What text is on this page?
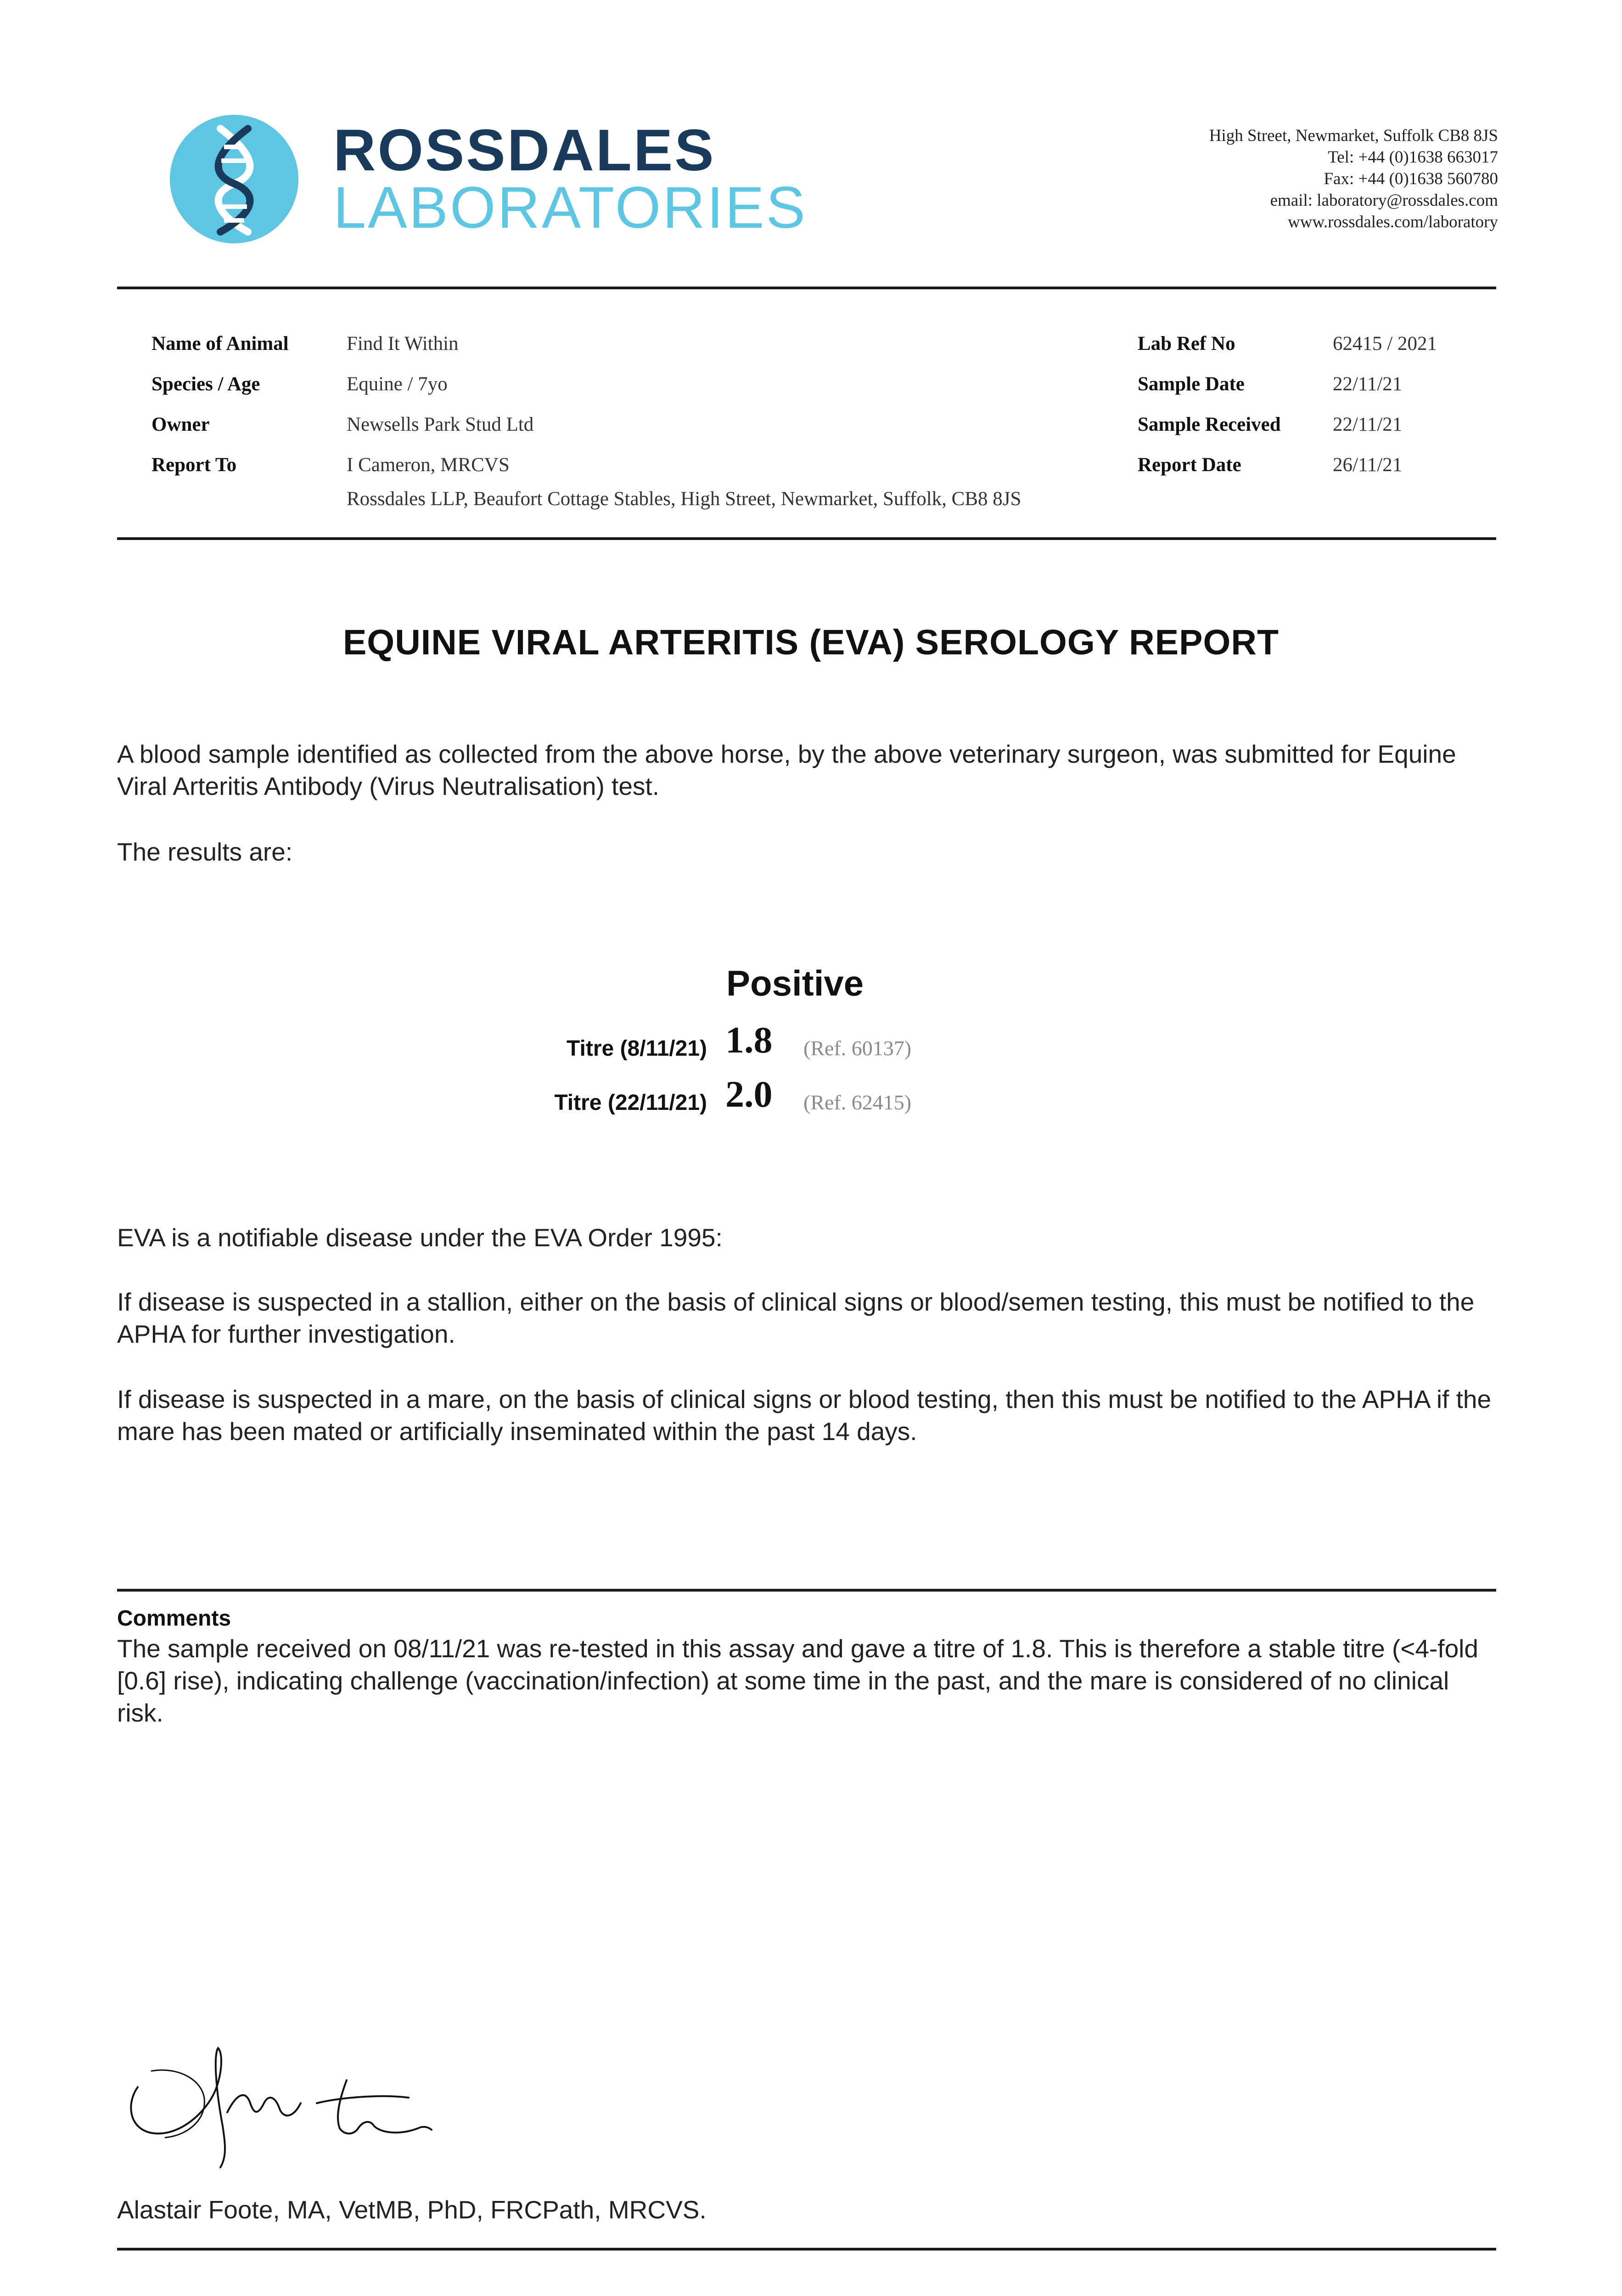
ROSSDALES
LABORATORIES
High Street, Newmarket, Suffolk CB8 8JS
Tel: +44 (0)1638 663017
Fax: +44 (0)1638 560780
email: laboratory@rossdales.com
www.rossdales.com/laboratory
Name of Animal
Species / Age
Owner
Report To
Find It Within
Equine / 7yo
Newsells Park Stud Ltd
I Cameron, MRCVS
Rossdales LLP, Beaufort Cottage Stables, High Street, Newmarket, Suffolk, CB8 8JS
Lab Ref No
Sample Date
Sample Received
Report Date
62415 / 2021
22/11/21
22/11/21
26/11/21
EQUINE VIRAL ARTERITIS (EVA) SEROLOGY REPORT
A blood sample identified as collected from the above horse, by the above veterinary surgeon, was submitted for Equine Viral Arteritis Antibody (Virus Neutralisation) test.
The results are:
Positive
Titre (8/11/21) 1.8 (Ref. 60137)
Titre (22/11/21) 2.0 (Ref. 62415)
EVA is a notifiable disease under the EVA Order 1995:
If disease is suspected in a stallion, either on the basis of clinical signs or blood/semen testing, this must be notified to the APHA for further investigation.
If disease is suspected in a mare, on the basis of clinical signs or blood testing, then this must be notified to the APHA if the mare has been mated or artificially inseminated within the past 14 days.
Comments
The sample received on 08/11/21 was re-tested in this assay and gave a titre of 1.8. This is therefore a stable titre (<4-fold [0.6] rise), indicating challenge (vaccination/infection) at some time in the past, and the mare is considered of no clinical risk.
Alastair Foote, MA, VetMB, PhD, FRCPath, MRCVS.
